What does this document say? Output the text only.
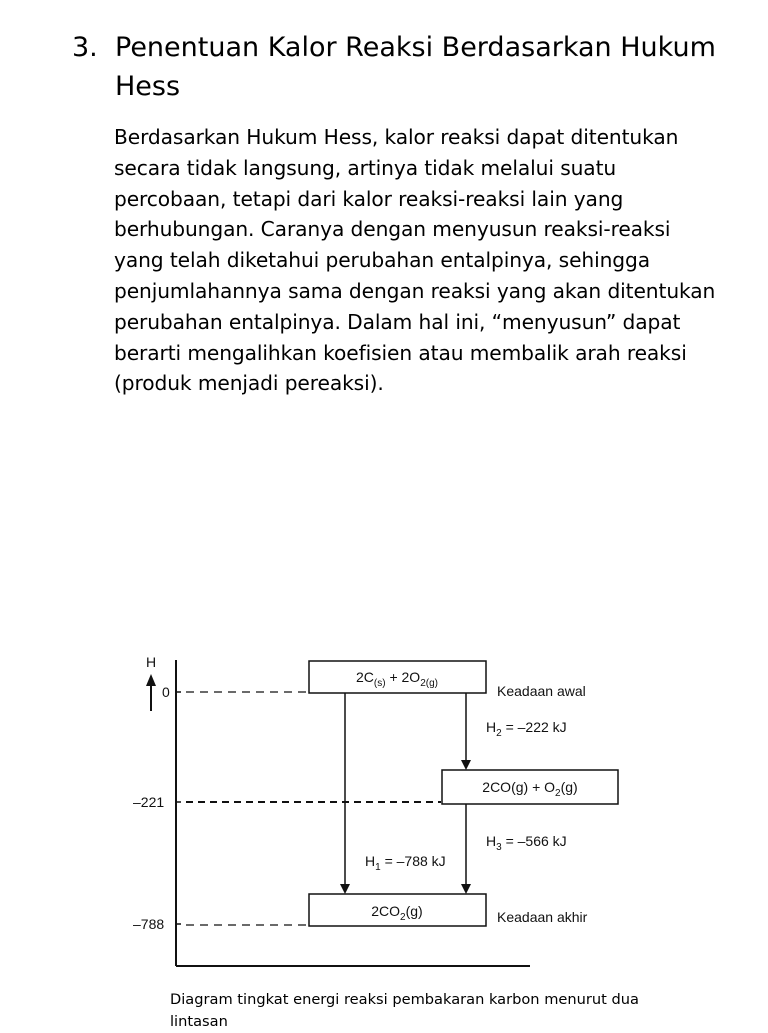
3. Penentuan Kalor Reaksi Berdasarkan Hukum Hess

Berdasarkan Hukum Hess, kalor reaksi dapat ditentukan secara tidak langsung, artinya tidak melalui suatu percobaan, tetapi dari kalor reaksi-reaksi lain yang berhubungan. Caranya dengan menyusun reaksi-reaksi yang telah diketahui perubahan entalpinya, sehingga penjumlahannya sama dengan reaksi yang akan ditentukan perubahan entalpinya. Dalam hal ini, “menyusun” dapat berarti mengalihkan koefisien atau membalik arah reaksi (produk menjadi pereaksi).

H
0
–221
–788
$2C_{(s)} + 2O_{2(g)}$
$2CO(g) + O_2(g)$
$2CO_2(g)$
Keadaan awal
Keadaan akhir
$H_2 = -222$ kJ
$H_3 = -566$ kJ
$H_1 = -788$ kJ

Diagram tingkat energi reaksi pembakaran karbon menurut dua lintasan
